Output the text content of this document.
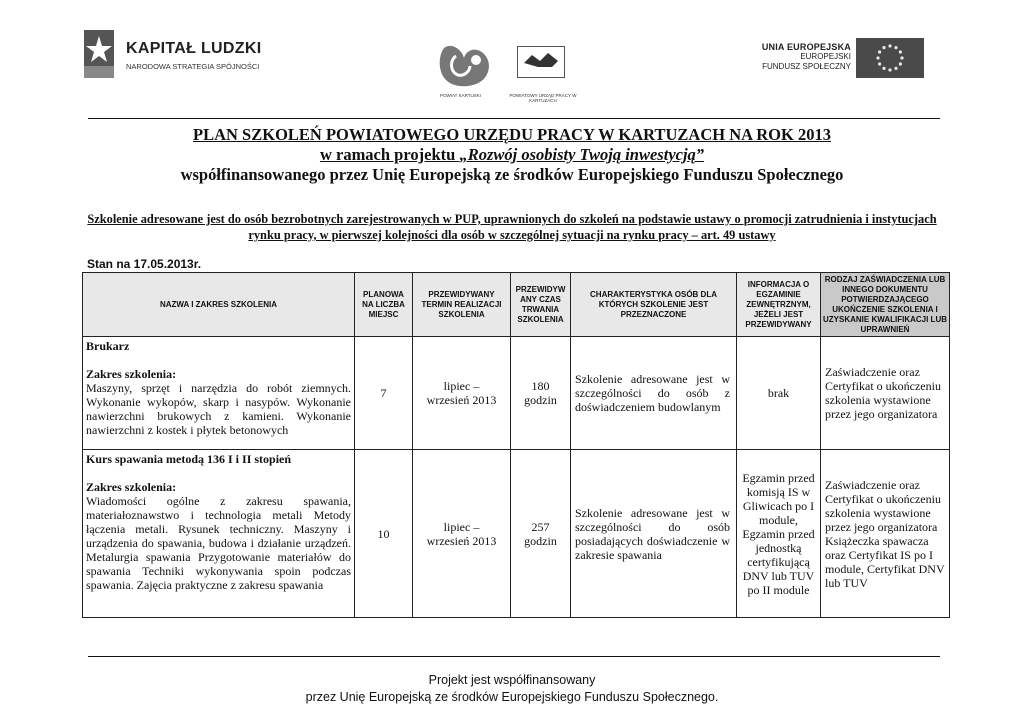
KAPITAŁ LUDZKI
NARODOWA STRATEGIA SPÓJNOŚCI
POWIAT KARTUSKI	POWIATOWY URZĄD PRACY W KARTUZACH
UNIA EUROPEJSKA
EUROPEJSKI
FUNDUSZ SPOŁECZNY
PLAN SZKOLEŃ POWIATOWEGO URZĘDU PRACY W KARTUZACH NA ROK 2013
w ramach projektu „Rozwój osobisty Twoją inwestycją”
współfinansowanego przez Unię Europejską ze środków Europejskiego Funduszu Społecznego
Szkolenie adresowane jest do osób bezrobotnych zarejestrowanych w PUP, uprawnionych do szkoleń na podstawie ustawy o promocji zatrudnienia i instytucjach rynku pracy, w pierwszej kolejności dla osób w szczególnej sytuacji na rynku pracy – art. 49 ustawy
Stan na 17.05.2013r.
NAZWA I ZAKRES SZKOLENIA	PLANOWA NA LICZBA MIEJSC	PRZEWIDYWANY TERMIN REALIZACJI SZKOLENIA	PRZEWIDYW ANY CZAS TRWANIA SZKOLENIA	CHARAKTERYSTYKA OSÓB DLA KTÓRYCH SZKOLENIE JEST PRZEZNACZONE	INFORMACJA O EGZAMINIE ZEWNĘTRZNYM, JEŻELI JEST PRZEWIDYWANY	RODZAJ ZAŚWIADCZENIA LUB INNEGO DOKUMENTU POTWIERDZAJĄCEGO UKOŃCZENIE SZKOLENIA I UZYSKANIE KWALIFIKACJI LUB UPRAWNIEŃ

Brukarz
Zakres szkolenia:
Maszyny, sprzęt i narzędzia do robót ziemnych. Wykonanie wykopów, skarp i nasypów. Wykonanie nawierzchni brukowych z kamieni. Wykonanie nawierzchni z kostek i płytek betonowych	7	lipiec – wrzesień 2013	180 godzin	Szkolenie adresowane jest w szczególności do osób z doświadczeniem budowlanym	brak	Zaświadczenie oraz Certyfikat o ukończeniu szkolenia wystawione przez jego organizatora

Kurs spawania metodą 136 I i II stopień
Zakres szkolenia:
Wiadomości ogólne z zakresu spawania, materiałoznawstwo i technologia metali Metody łączenia metali. Rysunek techniczny. Maszyny i urządzenia do spawania, budowa i działanie urządzeń. Metalurgia spawania Przygotowanie materiałów do spawania Techniki wykonywania spoin podczas spawania. Zajęcia praktyczne z zakresu spawania	10	lipiec – wrzesień 2013	257 godzin	Szkolenie adresowane jest w szczególności do osób posiadających doświadczenie w zakresie spawania	Egzamin przed komisją IS w Gliwicach po I module, Egzamin przed jednostką certyfikującą DNV lub TUV po II module	Zaświadczenie oraz Certyfikat o ukończeniu szkolenia wystawione przez jego organizatora Książeczka spawacza oraz Certyfikat IS po I module, Certyfikat DNV lub TUV
Projekt jest współfinansowany
przez Unię Europejską ze środków Europejskiego Funduszu Społecznego.
